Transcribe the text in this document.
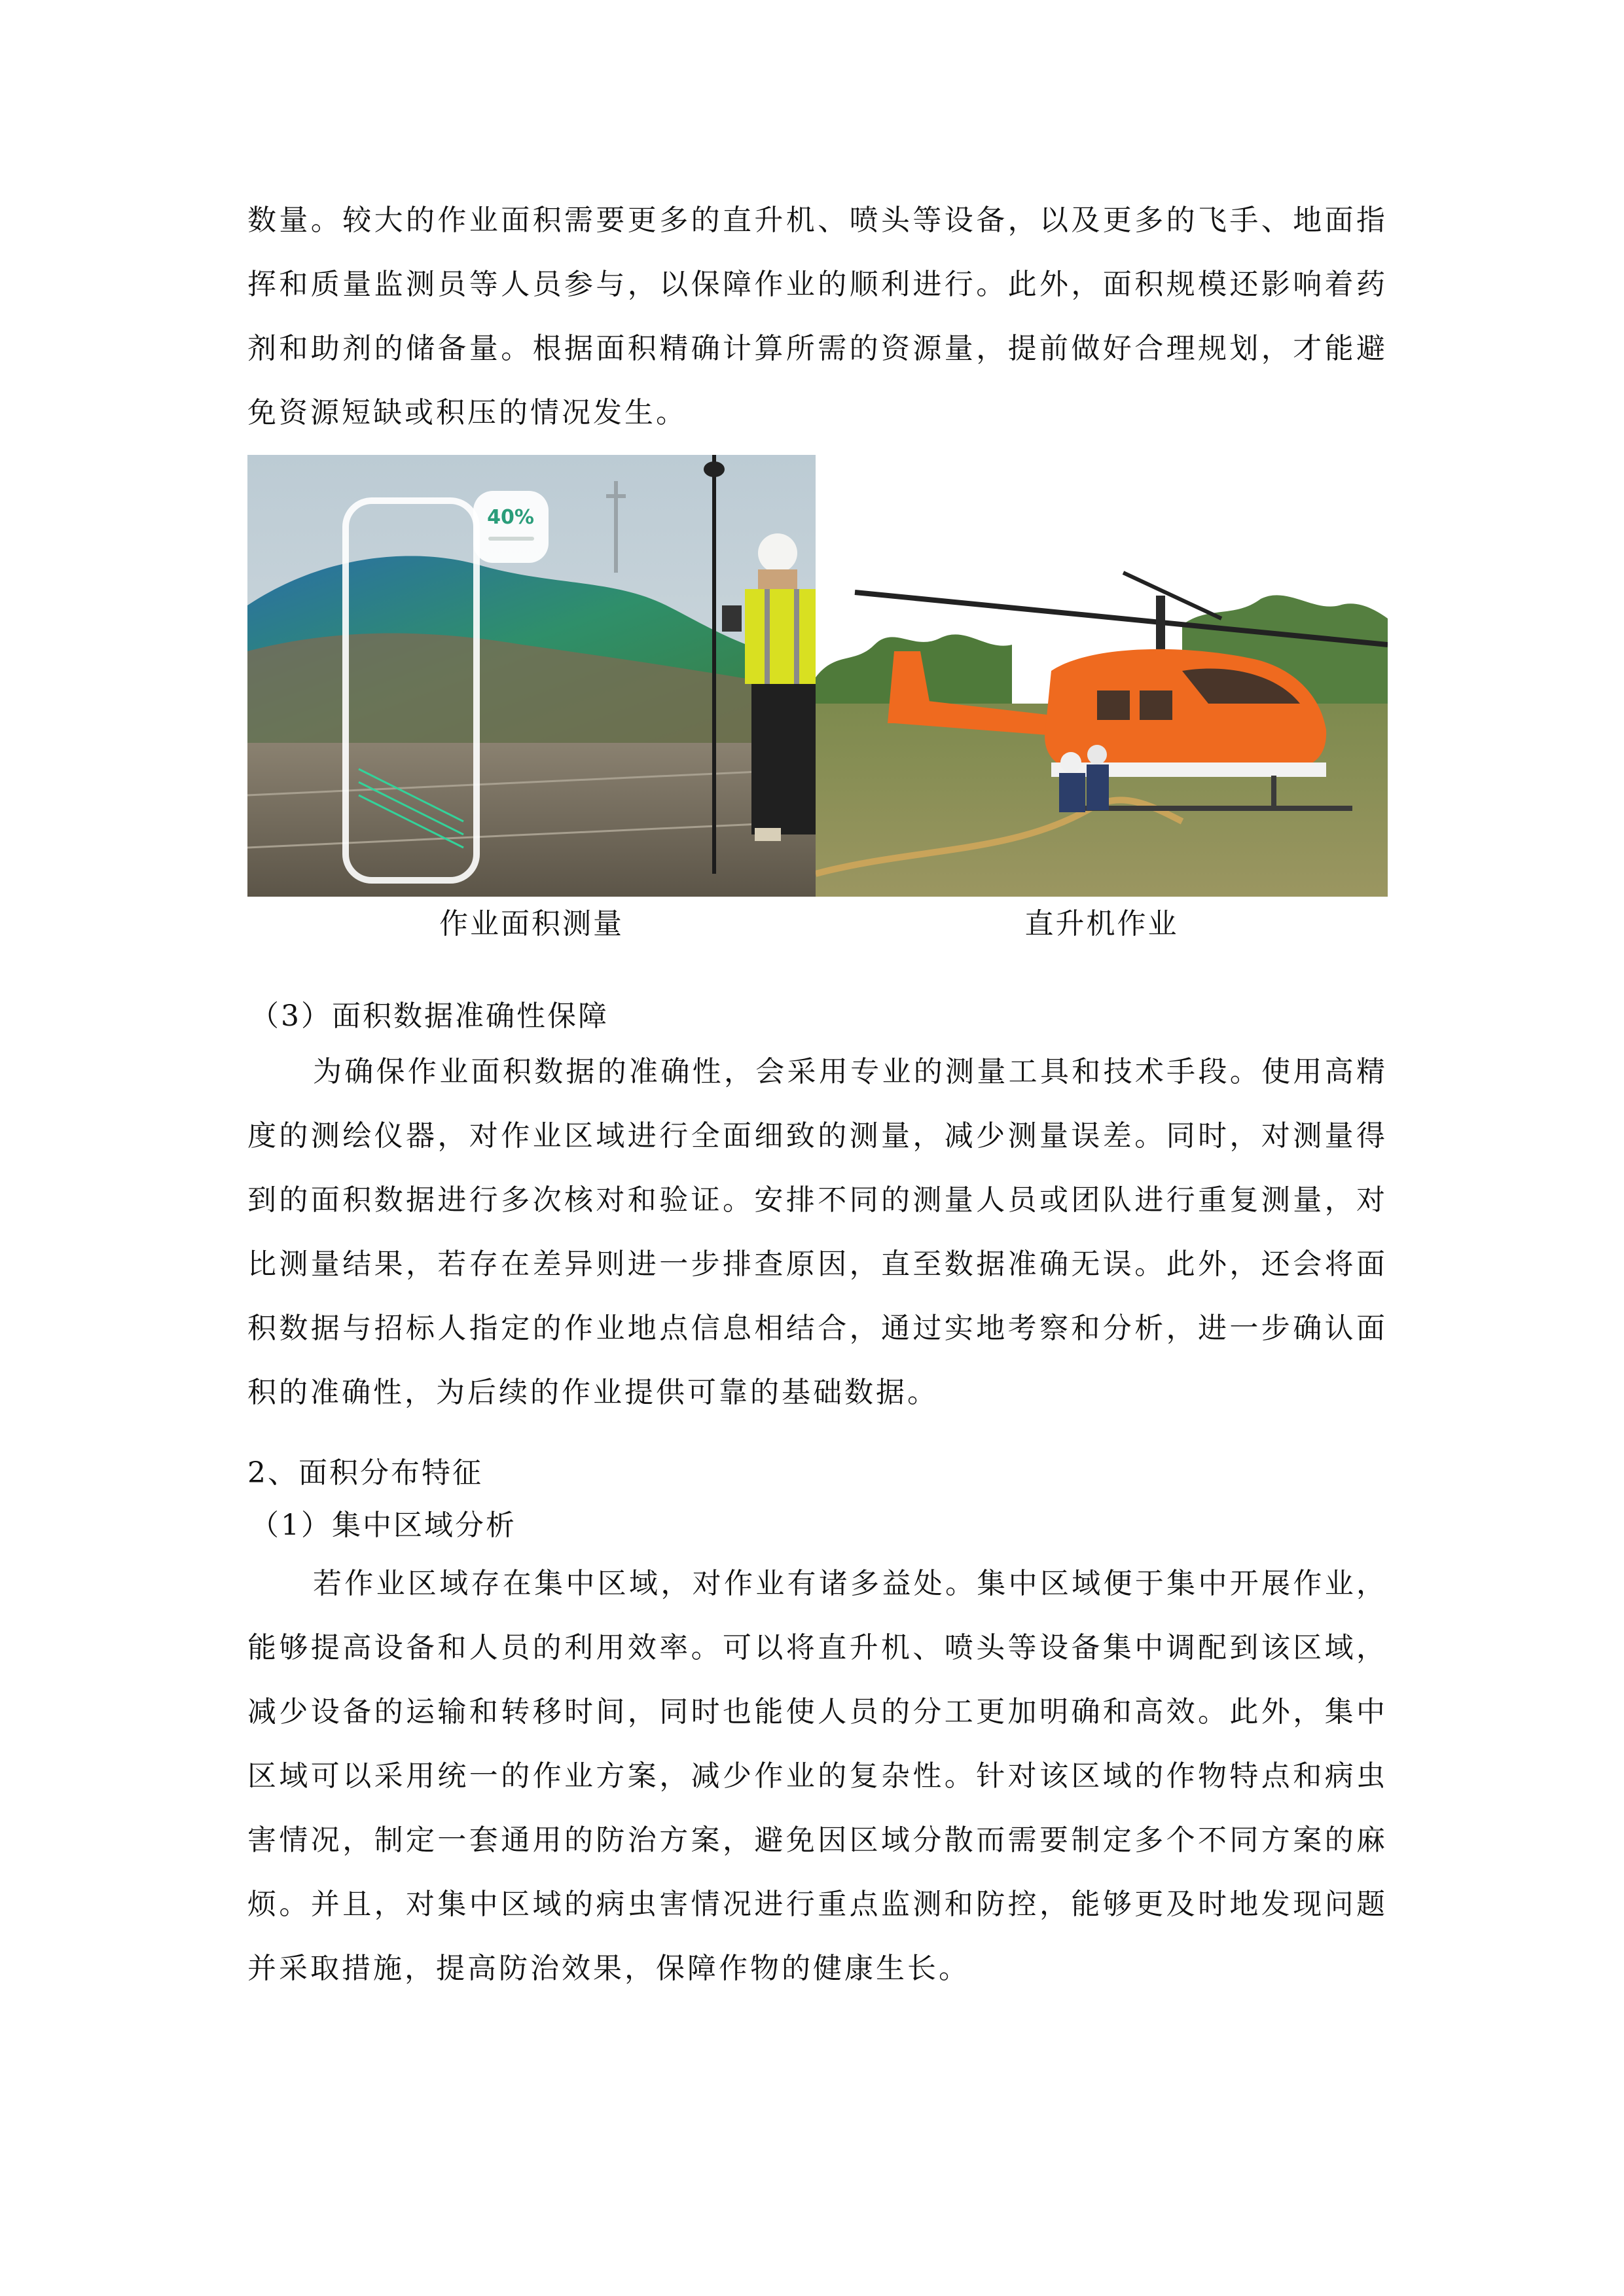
数量。较大的作业面积需要更多的直升机、喷头等设备，以及更多的飞手、地面指挥和质量监测员等人员参与，以保障作业的顺利进行。此外，面积规模还影响着药剂和助剂的储备量。根据面积精确计算所需的资源量，提前做好合理规划，才能避免资源短缺或积压的情况发生。

40%
作业面积测量	直升机作业
（3）面积数据准确性保障

为确保作业面积数据的准确性，会采用专业的测量工具和技术手段。使用高精度的测绘仪器，对作业区域进行全面细致的测量，减少测量误差。同时，对测量得到的面积数据进行多次核对和验证。安排不同的测量人员或团队进行重复测量，对比测量结果，若存在差异则进一步排查原因，直至数据准确无误。此外，还会将面积数据与招标人指定的作业地点信息相结合，通过实地考察和分析，进一步确认面积的准确性，为后续的作业提供可靠的基础数据。

2、面积分布特征
（1）集中区域分析

若作业区域存在集中区域，对作业有诸多益处。集中区域便于集中开展作业，能够提高设备和人员的利用效率。可以将直升机、喷头等设备集中调配到该区域，减少设备的运输和转移时间，同时也能使人员的分工更加明确和高效。此外，集中区域可以采用统一的作业方案，减少作业的复杂性。针对该区域的作物特点和病虫害情况，制定一套通用的防治方案，避免因区域分散而需要制定多个不同方案的麻烦。并且，对集中区域的病虫害情况进行重点监测和防控，能够更及时地发现问题并采取措施，提高防治效果，保障作物的健康生长。
